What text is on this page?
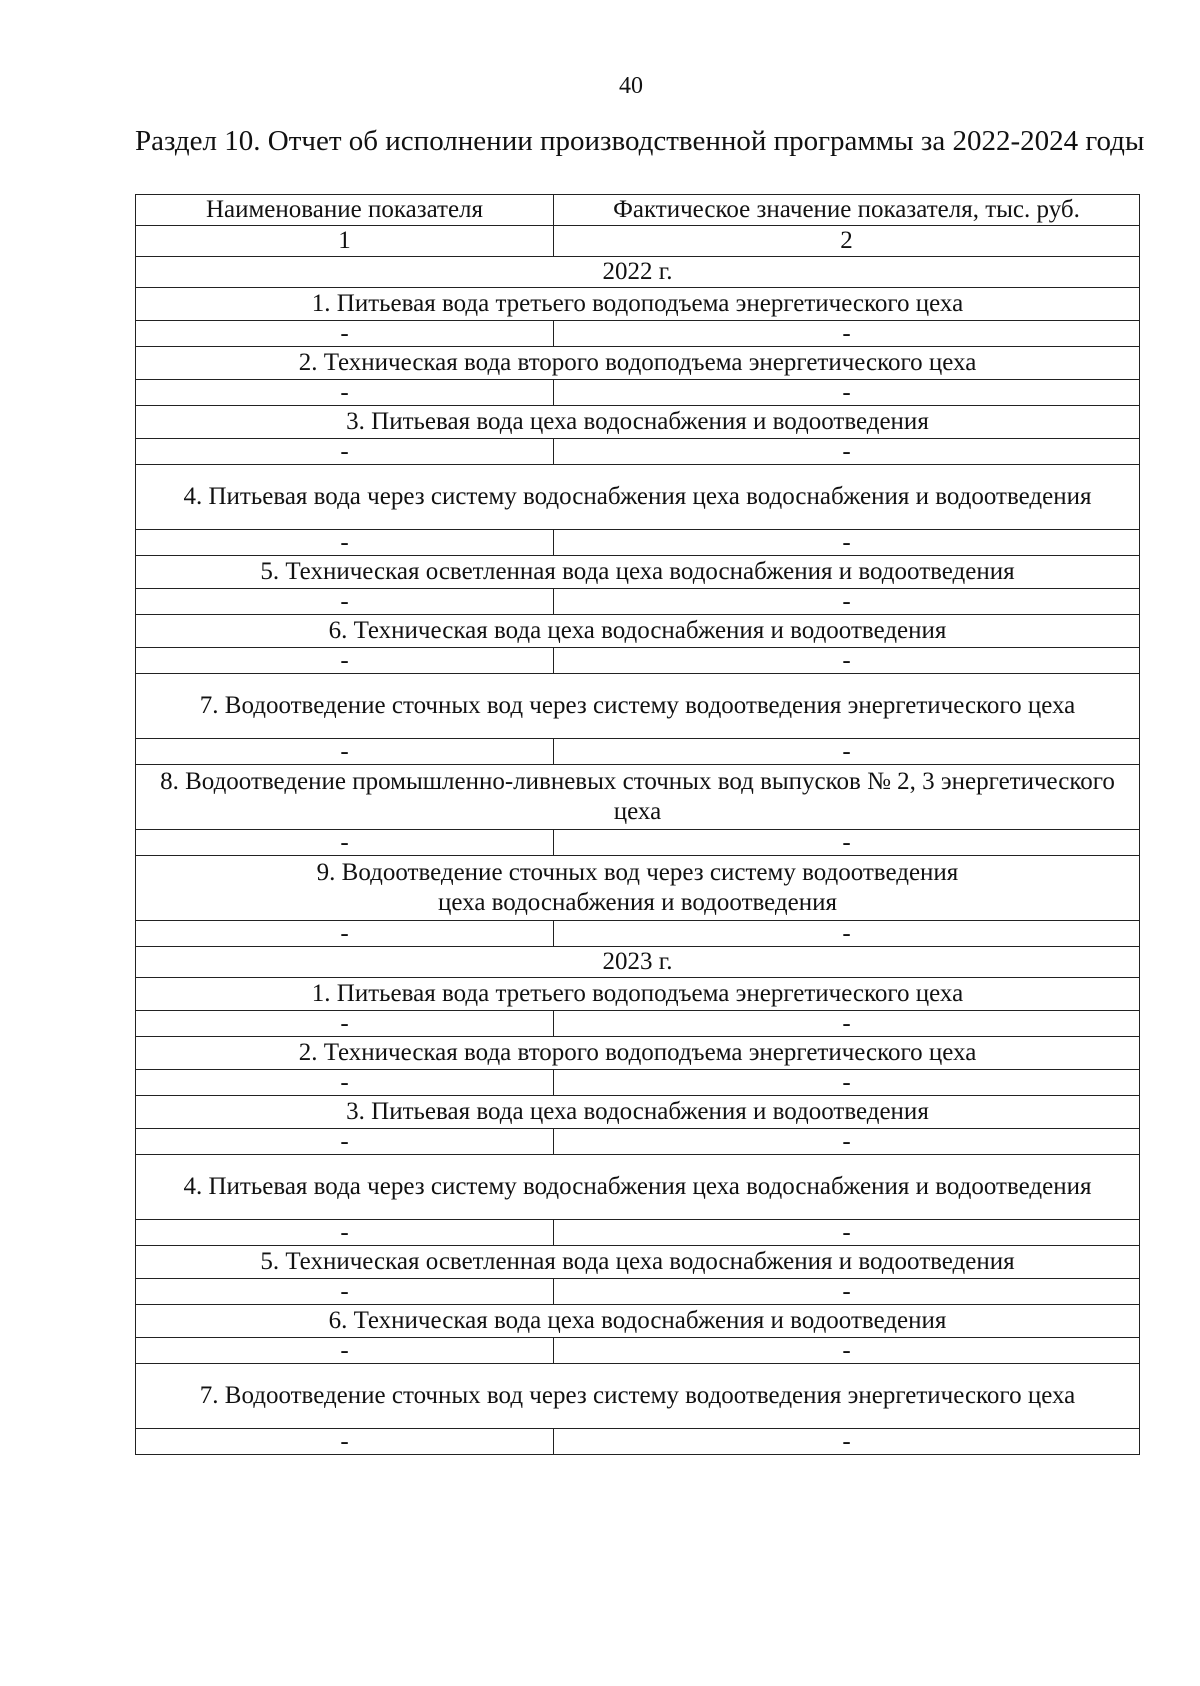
40
Раздел 10. Отчет об исполнении производственной программы за 2022-2024 годы
Наименование показателя	Фактическое значение показателя, тыс. руб.
1	2
2022 г.	
1. Питьевая вода третьего водоподъема энергетического цеха	
-	-
2. Техническая вода второго водоподъема энергетического цеха	
-	-
3. Питьевая вода цеха водоснабжения и водоотведения	
-	-
4. Питьевая вода через систему водоснабжения цеха водоснабжения и водоотведения	
-	-
5. Техническая осветленная вода цеха водоснабжения и водоотведения	
-	-
6. Техническая вода цеха водоснабжения и водоотведения	
-	-
7. Водоотведение сточных вод через систему водоотведения энергетического цеха	
-	-
8. Водоотведение промышленно-ливневых сточных вод выпусков № 2, 3 энергетического цеха	
-	-
9. Водоотведение сточных вод через систему водоотведения
цеха водоснабжения и водоотведения	
-	-
2023 г.	
1. Питьевая вода третьего водоподъема энергетического цеха	
-	-
2. Техническая вода второго водоподъема энергетического цеха	
-	-
3. Питьевая вода цеха водоснабжения и водоотведения	
-	-
4. Питьевая вода через систему водоснабжения цеха водоснабжения и водоотведения	
-	-
5. Техническая осветленная вода цеха водоснабжения и водоотведения	
-	-
6. Техническая вода цеха водоснабжения и водоотведения	
-	-
7. Водоотведение сточных вод через систему водоотведения энергетического цеха	
-	-
